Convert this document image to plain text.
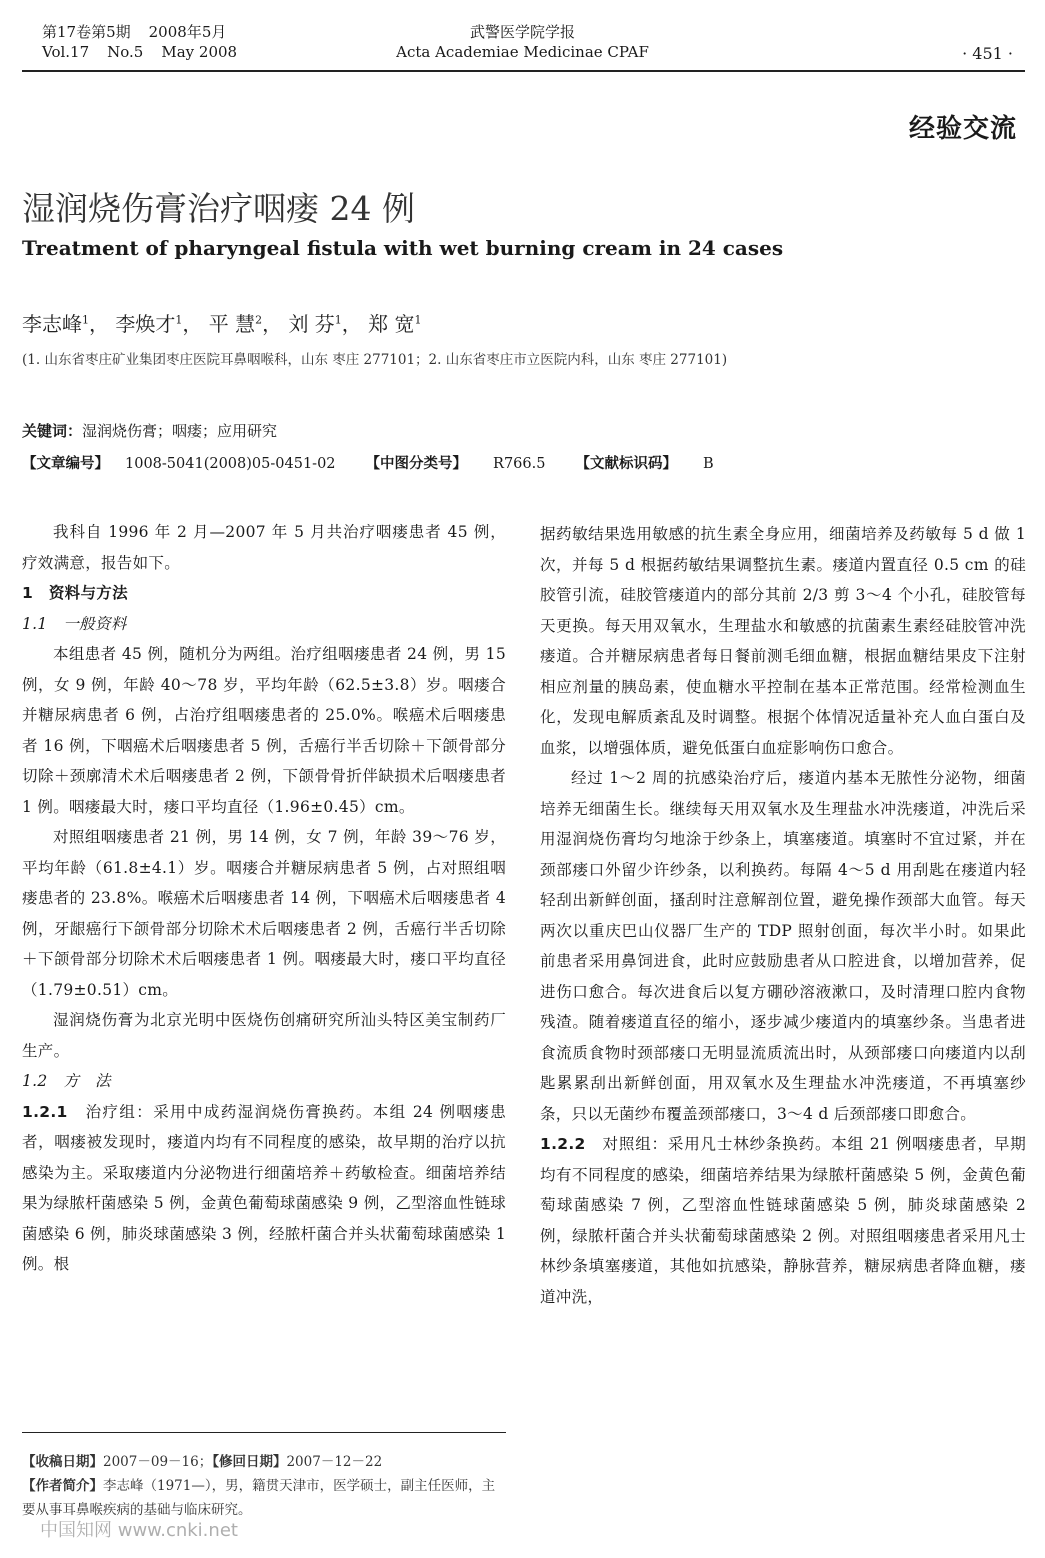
第17卷第5期 2008年5月
Vol.17 No.5 May 2008
武警医学院学报
Acta Academiae Medicinae CPAF	· 451 ·
经验交流
湿润烧伤膏治疗咽瘘 24 例
Treatment of pharyngeal fistula with wet burning cream in 24 cases
李志峰$^1$， 李焕才$^1$， 平 慧$^2$， 刘 芬$^1$， 郑 宽$^1$
(1. 山东省枣庄矿业集团枣庄医院耳鼻咽喉科，山东 枣庄 277101；2. 山东省枣庄市立医院内科，山东 枣庄 277101)
关键词：湿润烧伤膏；咽瘘；应用研究
【文章编号】 1008-5041(2008)05-0451-02 【中图分类号】 R766.5 【文献标识码】 B

我科自 1996 年 2 月—2007 年 5 月共治疗咽瘘患者 45 例，疗效满意，报告如下。

1　资料与方法
1.1　一般资料

本组患者 45 例，随机分为两组。治疗组咽瘘患者 24 例，男 15 例，女 9 例，年龄 40～78 岁，平均年龄（62.5±3.8）岁。咽瘘合并糖尿病患者 6 例，占治疗组咽瘘患者的 25.0%。喉癌术后咽瘘患者 16 例，下咽癌术后咽瘘患者 5 例，舌癌行半舌切除＋下颌骨部分切除＋颈廓清术术后咽瘘患者 2 例，下颌骨骨折伴缺损术后咽瘘患者 1 例。咽瘘最大时，瘘口平均直径（1.96±0.45）cm。

对照组咽瘘患者 21 例，男 14 例，女 7 例，年龄 39～76 岁，平均年龄（61.8±4.1）岁。咽瘘合并糖尿病患者 5 例，占对照组咽瘘患者的 23.8%。喉癌术后咽瘘患者 14 例，下咽癌术后咽瘘患者 4 例，牙龈癌行下颌骨部分切除术术后咽瘘患者 2 例，舌癌行半舌切除＋下颌骨部分切除术术后咽瘘患者 1 例。咽瘘最大时，瘘口平均直径（1.79±0.51）cm。

湿润烧伤膏为北京光明中医烧伤创痛研究所汕头特区美宝制药厂生产。

1.2　方　法

1.2.1　治疗组：采用中成药湿润烧伤膏换药。本组 24 例咽瘘患者，咽瘘被发现时，瘘道内均有不同程度的感染，故早期的治疗以抗感染为主。采取瘘道内分泌物进行细菌培养＋药敏检查。细菌培养结果为绿脓杆菌感染 5 例，金黄色葡萄球菌感染 9 例，乙型溶血性链球菌感染 6 例，肺炎球菌感染 3 例，经脓杆菌合并头状葡萄球菌感染 1 例。根

据药敏结果选用敏感的抗生素全身应用，细菌培养及药敏每 5 d 做 1 次，并每 5 d 根据药敏结果调整抗生素。瘘道内置直径 0.5 cm 的硅胶管引流，硅胶管瘘道内的部分其前 2/3 剪 3～4 个小孔，硅胶管每天更换。每天用双氧水，生理盐水和敏感的抗菌素生素经硅胶管冲洗瘘道。合并糖尿病患者每日餐前测毛细血糖，根据血糖结果皮下注射相应剂量的胰岛素，使血糖水平控制在基本正常范围。经常检测血生化，发现电解质紊乱及时调整。根据个体情况适量补充人血白蛋白及血浆，以增强体质，避免低蛋白血症影响伤口愈合。

经过 1～2 周的抗感染治疗后，瘘道内基本无脓性分泌物，细菌培养无细菌生长。继续每天用双氧水及生理盐水冲洗瘘道，冲洗后采用湿润烧伤膏均匀地涂于纱条上，填塞瘘道。填塞时不宜过紧，并在颈部瘘口外留少许纱条，以利换药。每隔 4～5 d 用刮匙在瘘道内轻轻刮出新鲜创面，搔刮时注意解剖位置，避免操作颈部大血管。每天两次以重庆巴山仪器厂生产的 TDP 照射创面，每次半小时。如果此前患者采用鼻饲进食，此时应鼓励患者从口腔进食，以增加营养，促进伤口愈合。每次进食后以复方硼砂溶液漱口，及时清理口腔内食物残渣。随着瘘道直径的缩小，逐步减少瘘道内的填塞纱条。当患者进食流质食物时颈部瘘口无明显流质流出时，从颈部瘘口向瘘道内以刮匙累累刮出新鲜创面，用双氧水及生理盐水冲洗瘘道，不再填塞纱条，只以无菌纱布覆盖颈部瘘口，3～4 d 后颈部瘘口即愈合。

1.2.2　对照组：采用凡士林纱条换药。本组 21 例咽瘘患者，早期均有不同程度的感染，细菌培养结果为绿脓杆菌感染 5 例，金黄色葡萄球菌感染 7 例，乙型溶血性链球菌感染 5 例，肺炎球菌感染 2 例，绿脓杆菌合并头状葡萄球菌感染 2 例。对照组咽瘘患者采用凡士林纱条填塞瘘道，其他如抗感染，静脉营养，糖尿病患者降血糖，瘘道冲洗，

【收稿日期】2007－09－16；【修回日期】2007－12－22
【作者简介】李志峰（1971—），男，籍贯天津市，医学硕士，副主任医师，主要从事耳鼻喉疾病的基础与临床研究。
中国知网 www.cnki.net
